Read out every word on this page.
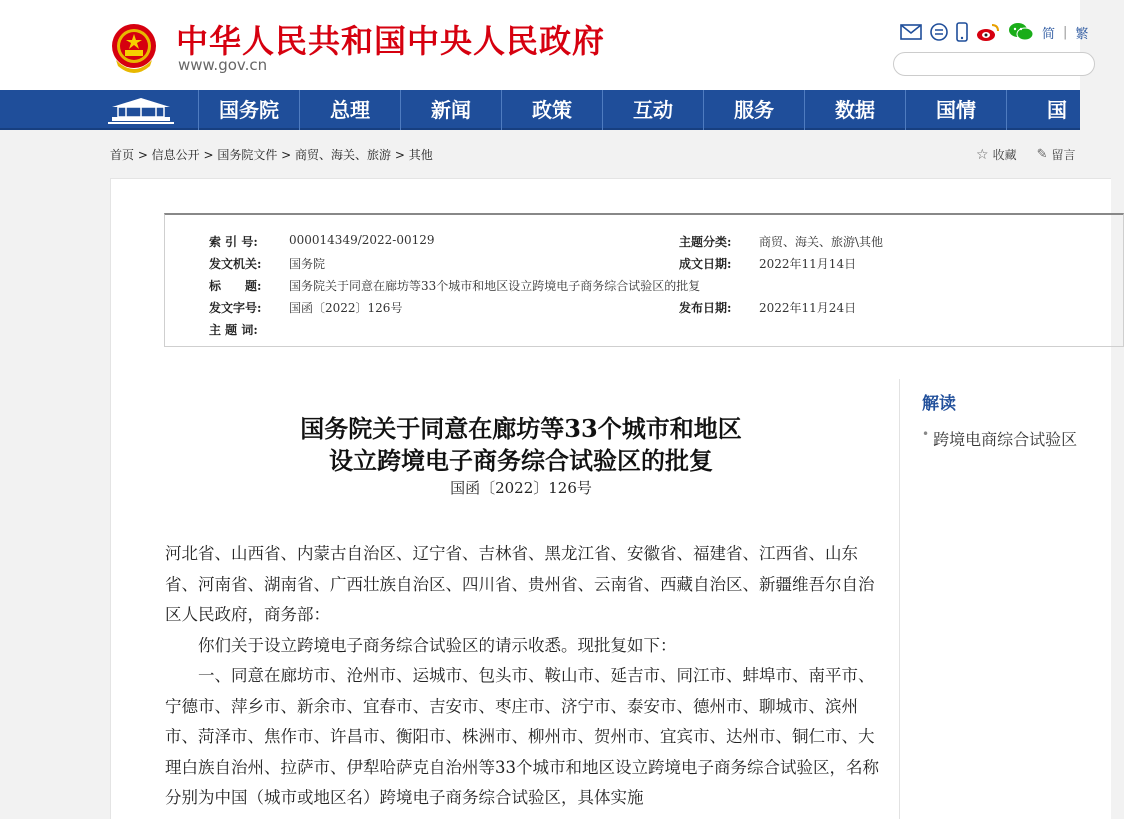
中华人民共和国中央人民政府
www.gov.cn
简 | 繁
国务院	总理	新闻	政策	互动	服务	数据	国情	国
首页 > 信息公开 > 国务院文件 > 商贸、海关、旅游 > 其他	☆ 收藏 ✎ 留言
索 引 号:	000014349/2022-00129	主题分类: 商贸、海关、旅游\其他
发文机关: 国务院	成文日期: 2022年11月14日
标　　题: 国务院关于同意在廊坊等33个城市和地区设立跨境电子商务综合试验区的批复
发文字号: 国函〔2022〕126号	发布日期: 2022年11月24日
主 题 词:
国务院关于同意在廊坊等33个城市和地区
设立跨境电子商务综合试验区的批复
国函〔2022〕126号

河北省、山西省、内蒙古自治区、辽宁省、吉林省、黑龙江省、安徽省、福建省、江西省、山东省、河南省、湖南省、广西壮族自治区、四川省、贵州省、云南省、西藏自治区、新疆维吾尔自治区人民政府，商务部：

　　你们关于设立跨境电子商务综合试验区的请示收悉。现批复如下：

　　一、同意在廊坊市、沧州市、运城市、包头市、鞍山市、延吉市、同江市、蚌埠市、南平市、宁德市、萍乡市、新余市、宜春市、吉安市、枣庄市、济宁市、泰安市、德州市、聊城市、滨州市、菏泽市、焦作市、许昌市、衡阳市、株洲市、柳州市、贺州市、宜宾市、达州市、铜仁市、大理白族自治州、拉萨市、伊犁哈萨克自治州等33个城市和地区设立跨境电子商务综合试验区，名称分别为中国（城市或地区名）跨境电子商务综合试验区，具体实施

解读
• 跨境电商综合试验区
